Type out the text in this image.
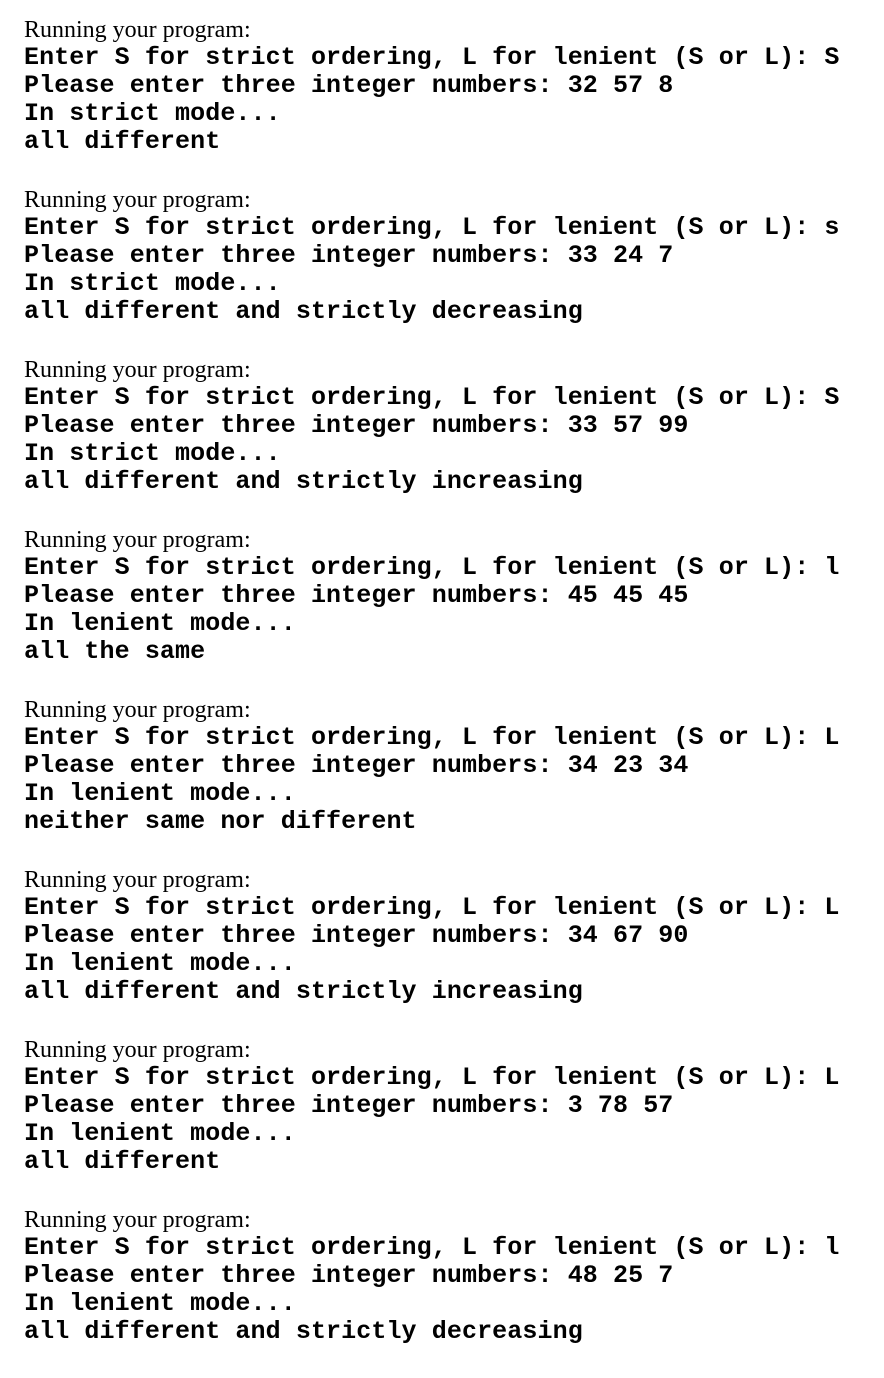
Running your program:
Enter S for strict ordering, L for lenient (S or L): S
Please enter three integer numbers: 32 57 8
In strict mode...
all different
Running your program:
Enter S for strict ordering, L for lenient (S or L): s
Please enter three integer numbers: 33 24 7
In strict mode...
all different and strictly decreasing
Running your program:
Enter S for strict ordering, L for lenient (S or L): S
Please enter three integer numbers: 33 57 99
In strict mode...
all different and strictly increasing
Running your program:
Enter S for strict ordering, L for lenient (S or L): l
Please enter three integer numbers: 45 45 45
In lenient mode...
all the same
Running your program:
Enter S for strict ordering, L for lenient (S or L): L
Please enter three integer numbers: 34 23 34
In lenient mode...
neither same nor different
Running your program:
Enter S for strict ordering, L for lenient (S or L): L
Please enter three integer numbers: 34 67 90
In lenient mode...
all different and strictly increasing
Running your program:
Enter S for strict ordering, L for lenient (S or L): L
Please enter three integer numbers: 3 78 57
In lenient mode...
all different
Running your program:
Enter S for strict ordering, L for lenient (S or L): l
Please enter three integer numbers: 48 25 7
In lenient mode...
all different and strictly decreasing
